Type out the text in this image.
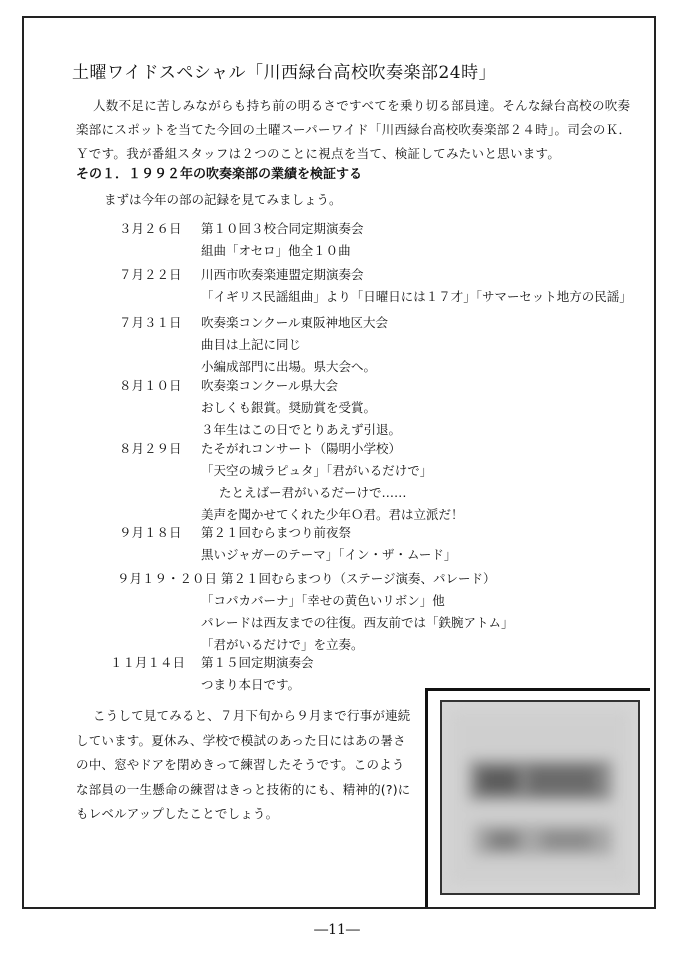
土曜ワイドスペシャル「川西緑台高校吹奏楽部24時」
人数不足に苦しみながらも持ち前の明るさですべてを乗り切る部員達。そんな緑台高校の吹奏楽部にスポットを当てた今回の土曜スーパーワイド「川西緑台高校吹奏楽部２４時」。司会のＫ．Ｙです。我が番組スタッフは２つのことに視点を当て、検証してみたいと思います。
その１．１９９２年の吹奏楽部の業績を検証する
まずは今年の部の記録を見てみましょう。
３月２６日 第１０回３校合同定期演奏会
組曲「オセロ」他全１０曲
７月２２日 川西市吹奏楽連盟定期演奏会
「イギリス民謡組曲」より「日曜日には１７才」「サマーセット地方の民謡」
７月３１日 吹奏楽コンクール東阪神地区大会
曲目は上記に同じ
小編成部門に出場。県大会へ。
８月１０日 吹奏楽コンクール県大会
おしくも銀賞。奨励賞を受賞。
３年生はこの日でとりあえず引退。
８月２９日 たそがれコンサート（陽明小学校）
「天空の城ラピュタ」「君がいるだけで」
たとえばー君がいるだーけで……
美声を聞かせてくれた少年Ｏ君。君は立派だ！
９月１８日 第２１回むらまつり前夜祭
黒いジャガーのテーマ」「イン・ザ・ムード」
９月１９・２０日 第２１回むらまつり（ステージ演奏、パレード）
「コパカバーナ」「幸せの黄色いリボン」他
パレードは西友までの往復。西友前では「鉄腕アトム」
「君がいるだけで」を立奏。
１１月１４日 第１５回定期演奏会
つまり本日です。
こうして見てみると、７月下旬から９月まで行事が連続しています。夏休み、学校で模試のあった日にはあの暑さの中、窓やドアを閉めきって練習したそうです。このような部員の一生懸命の練習はきっと技術的にも、精神的(?)にもレベルアップしたことでしょう。
―11―
